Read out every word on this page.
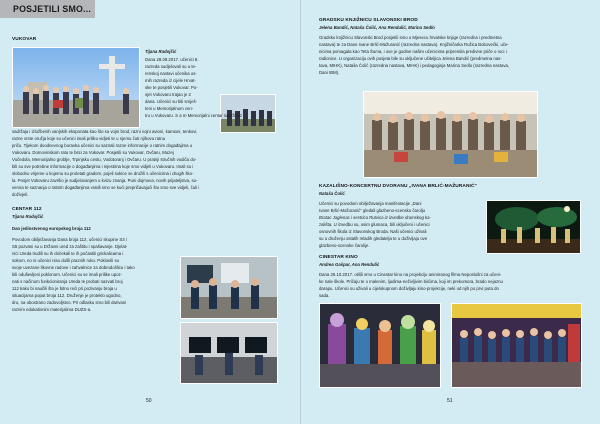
POSJETILI SMO...
VUKOVAR
Tijana Radojčić
Dana 28.09.2017. učenici 8.
razreda sudjelovali su u te-
renskoj nastavi učenika os-
mih razreda iz cijele Hrvat-
ske te posjetili Vukovar. Po-
sjet Vukovaru trajao je 2
dana. Učenici su bili smješ-
teni u Memorijalnom cen-
tru u Vukovaru. S a m Memorijalni centar sadrži niz
sadržaja i izložbenih vanjskih eksponata kao što su vojni brod, razni vojni avioni, kamioni, tenkovi,
razne vrste oružja koje su učenici imali priliku vidjeti te u njemu čuti njihovu ratnu
priču. Tijekom dvodnevnog boravka učenici su saznali razne informacije o ratnim događajima u
Vukovaru. Domovinskom ratu te bitci za Vukovar. Posjetili su Vukovar, Ovčaru, Muzej
Vučedola, Memorijalno groblje, Trpinjsku cestu, Vodotoranj i Ovčaru. U pratnji stručnih vodiča do-
bili su sve potrebne informacije o događanjima i mjestima koje smo vidjeli u Vukovaru. Imali su i
slobodno vrijeme u kojemu su proletati gradom, pojeli sokice se družili s učenicima i drugih ško-
la. Posjet Vukovaru završio je sudjelovanjem u kvizu znanja. Puni dojmova, novih prijateljstva, su-
venira te saznanja o ratnim događanjima vratili smo se kući prepričavajući što smo sve vidjeli, čuli i
doživjeli.
CENTAR 112
Tijana Radojčić
Dan jedinstvenog europskog broja 112
Povodom obilježavanja Dana broja 112, učenici skupine S3 i
S5 pozvani su u Državni ured za zaštitu i spašavanje. Djelat-
nici Ureda trudili su ih dočekali te ih počastili grickalicama i
sokom, no ni učenici nisu došli praznih ruku. Poklonili su
svoje uvezane likovne radove i zahvalnice za dobrodošlicu i tako
bili oduševljeni poklonom. Učenici su se imali prilike upoz-
nati s načinom funkcioniranja Ureda te probati nazvati broj
112 kako bi naučili što je bitno reći pri pozivanju broja u
situacijama poput broja 112. Druženje je proteklo ugodno,
dru, na obostrano zadovoljstvo. Pri odlasku smo bili darivani
raznim edukativnim materijalima DUZS-a.
50
GRADSKU KNJIŽNICU SLAVONSKI BROD
Jelena Bandić, Nataša Čolić, Ana Rendulić, Marina Sedlo
Gradsku knjižnicu Slavonski Brod posjetili smo u Mjesecu hrvatske knjige (razredna i predmetna
nastava) te za Dane Ivane Brlić-Mažuranić (razredna nastava). Knjižničarka Ružica Bobovečki, uče-
nicima pomagala kao Teta Šuma, i ove je godine našim učenicima pripremila predivne priče o ruci i
radionice. U organizaciju ovih posjeta bile su uključene učiteljica Jelena Bandić (predmetna nas-
tava, MIHK), Nataša Čolić (razredna nastava, MIHK) i pedagoginja Marina Sedlo (razredna nastava,
Dani IBM).
KAZALIŠNO-KONCERTNU DVORANU „IVANA BRLIĆ-MAŽURANIĆ“
Nataša Čolić
Učenici su povodom obilježavanja manifestacije „Dani
Ivane Brlić-Mažuranić“ gledali glazbeno-scensku čarolju
Bratac Jaglenac i sestrica Rutvica iz izvedbe dramskog ka-
zališta. U izvedbu su, osim glumaca, bili uključeni i učenici
osnovnih škola iz Slavonskog Broda. Naši učenici uživali
su u druženju ostalih mladih gledatelja te u doživljaju ove
glazbeno-scenske čarolije.
CINESTAR KINO
Andrea Gašpar, Ana Rendulić
Dana 25.10.2017. otišli smo u Cinestar kino na projekciju animiranog filma Neposlušni za učeni-
ke nale škole. Pričaju te o malenim, ljudima-neživljivim biićima, koji im prekomora, brado nejaznu
darapu. Učenici su uživali u cijelokupnom doživljaju kino-projekcije, neki od njih po prvi puta do
sada.
51
